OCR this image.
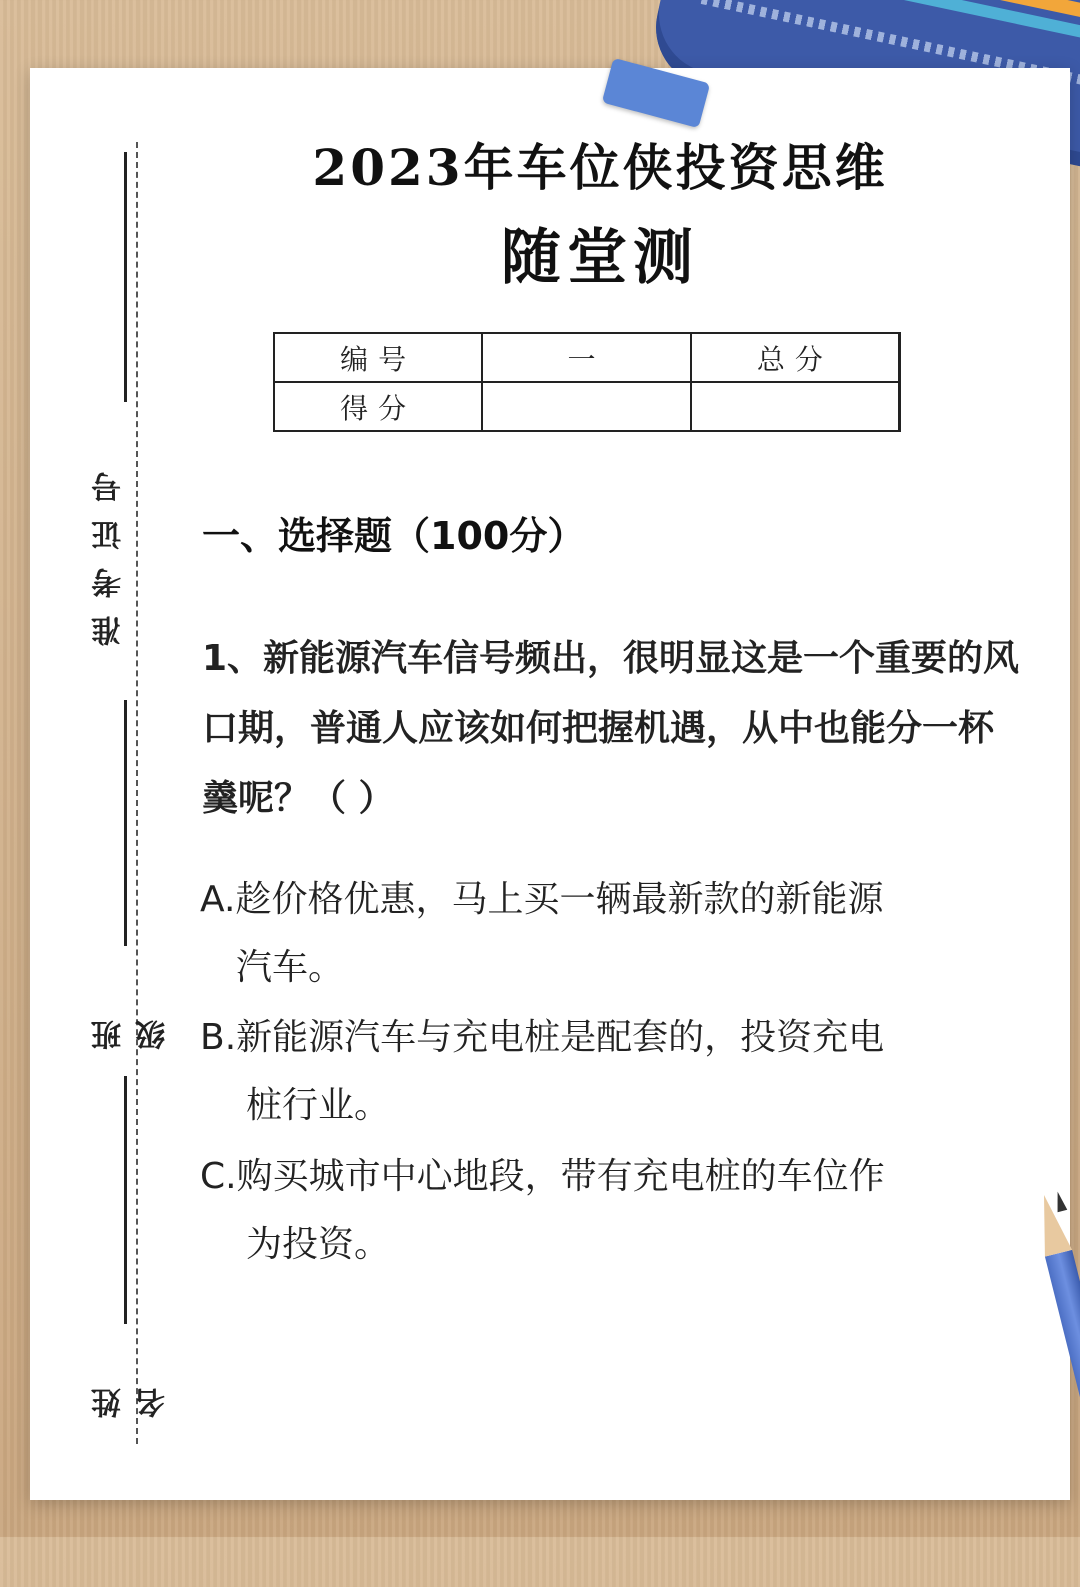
准考证号
班级
姓名
2023年车位侠投资思维
随堂测
编号	一	总分
得分		
一、选择题（100分）
1、新能源汽车信号频出，很明显这是一个重要的风口期，普通人应该如何把握机遇，从中也能分一杯羹呢？（ ）
A.趁价格优惠，马上买一辆最新款的新能源
汽车。
B.新能源汽车与充电桩是配套的，投资充电
桩行业。
C.购买城市中心地段，带有充电桩的车位作
为投资。
